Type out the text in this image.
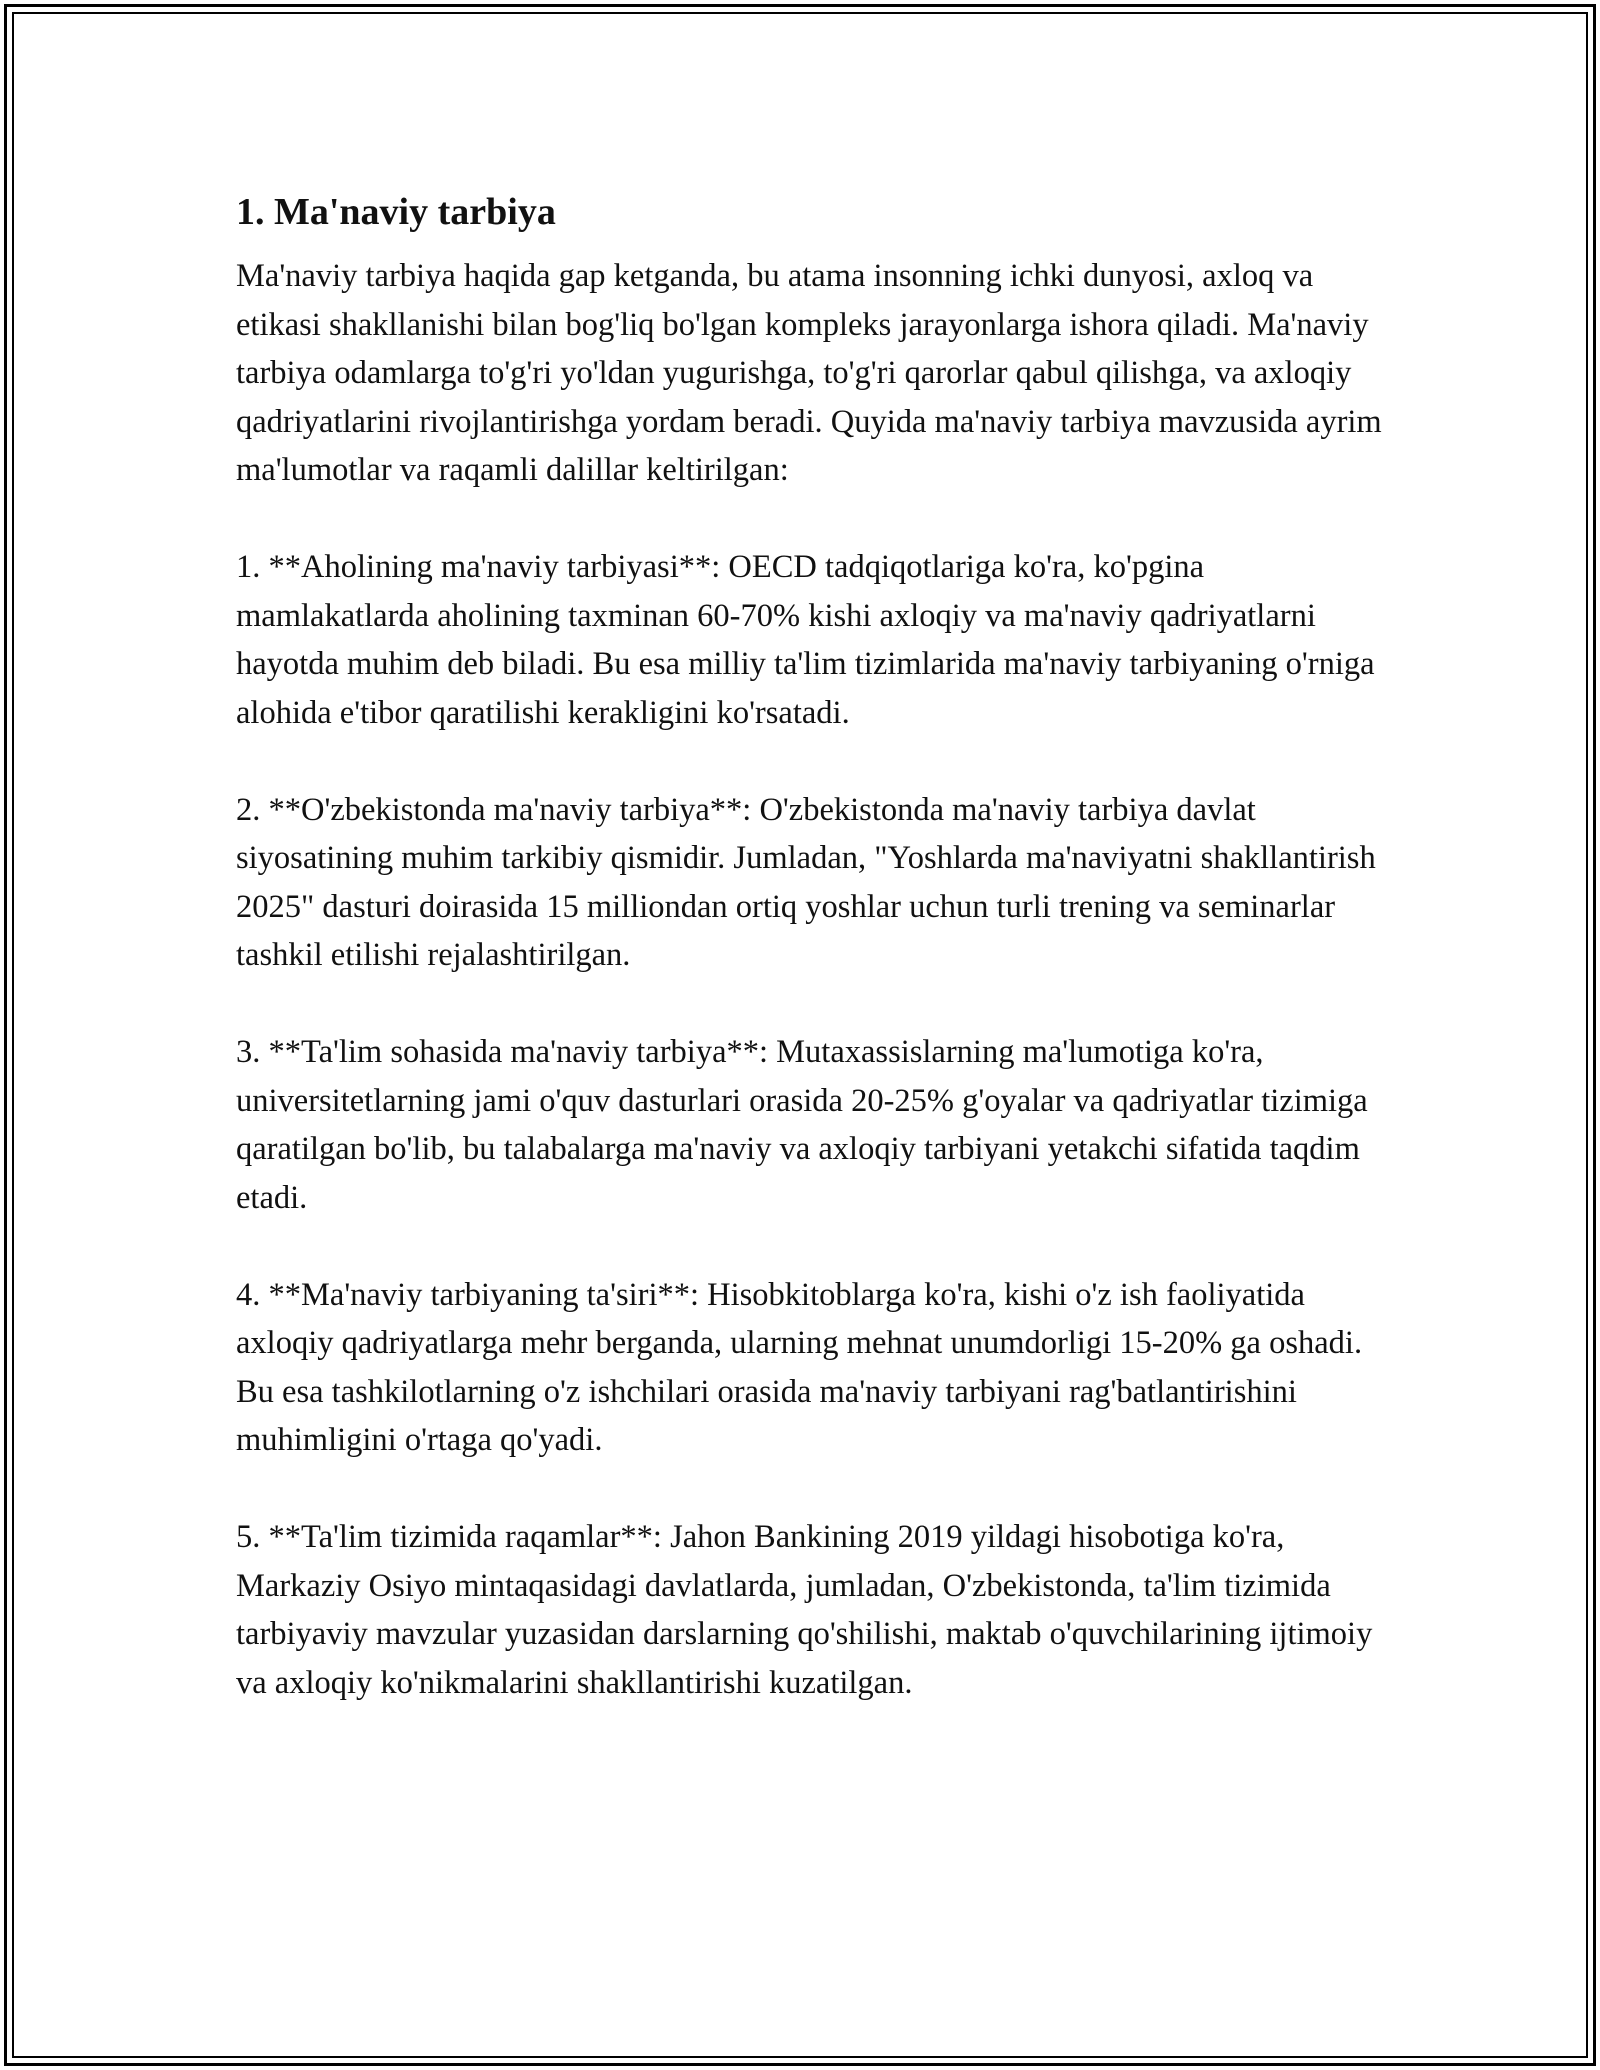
1. Ma'naviy tarbiya

Ma'naviy tarbiya haqida gap ketganda, bu atama insonning ichki dunyosi, axloq va etikasi shakllanishi bilan bog'liq bo'lgan kompleks jarayonlarga ishora qiladi. Ma'naviy tarbiya odamlarga to'g'ri yo'ldan yugurishga, to'g'ri qarorlar qabul qilishga, va axloqiy qadriyatlarini rivojlantirishga yordam beradi. Quyida ma'naviy tarbiya mavzusida ayrim ma'lumotlar va raqamli dalillar keltirilgan:

1. **Aholining ma'naviy tarbiyasi**: OECD tadqiqotlariga ko'ra, ko'pgina mamlakatlarda aholining taxminan 60-70% kishi axloqiy va ma'naviy qadriyatlarni hayotda muhim deb biladi. Bu esa milliy ta'lim tizimlarida ma'naviy tarbiyaning o'rniga alohida e'tibor qaratilishi kerakligini ko'rsatadi.

2. **O'zbekistonda ma'naviy tarbiya**: O'zbekistonda ma'naviy tarbiya davlat siyosatining muhim tarkibiy qismidir. Jumladan, "Yoshlarda ma'naviyatni shakllantirish 2025" dasturi doirasida 15 milliondan ortiq yoshlar uchun turli trening va seminarlar tashkil etilishi rejalashtirilgan.

3. **Ta'lim sohasida ma'naviy tarbiya**: Mutaxassislarning ma'lumotiga ko'ra, universitetlarning jami o'quv dasturlari orasida 20-25% g'oyalar va qadriyatlar tizimiga qaratilgan bo'lib, bu talabalarga ma'naviy va axloqiy tarbiyani yetakchi sifatida taqdim etadi.

4. **Ma'naviy tarbiyaning ta'siri**: Hisobkitoblarga ko'ra, kishi o'z ish faoliyatida axloqiy qadriyatlarga mehr berganda, ularning mehnat unumdorligi 15-20% ga oshadi. Bu esa tashkilotlarning o'z ishchilari orasida ma'naviy tarbiyani rag'batlantirishini muhimligini o'rtaga qo'yadi.

5. **Ta'lim tizimida raqamlar**: Jahon Bankining 2019 yildagi hisobotiga ko'ra, Markaziy Osiyo mintaqasidagi davlatlarda, jumladan, O'zbekistonda, ta'lim tizimida tarbiyaviy mavzular yuzasidan darslarning qo'shilishi, maktab o'quvchilarining ijtimoiy va axloqiy ko'nikmalarini shakllantirishi kuzatilgan.
